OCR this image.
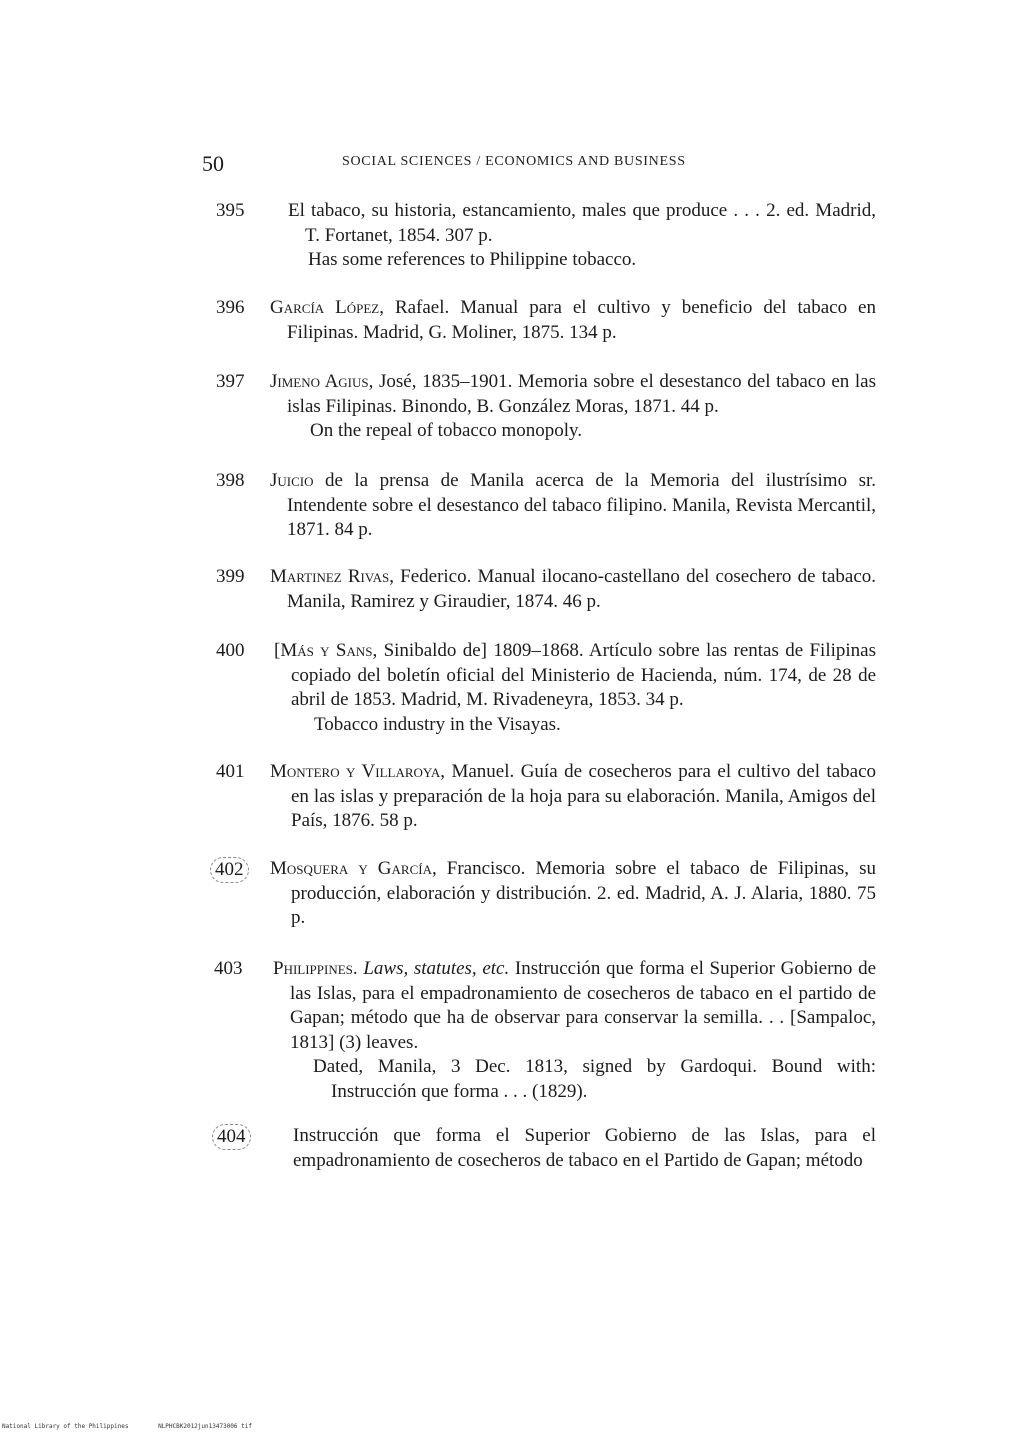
50	SOCIAL SCIENCES / ECONOMICS AND BUSINESS
395 El tabaco, su historia, estancamiento, males que produce . . . 2. ed. Madrid, T. Fortanet, 1854. 307 p.

Has some references to Philippine tobacco.

396 García López, Rafael. Manual para el cultivo y beneficio del tabaco en Filipinas. Madrid, G. Moliner, 1875. 134 p.

397 Jimeno Agius, José, 1835–1901. Memoria sobre el desestanco del tabaco en las islas Filipinas. Binondo, B. González Moras, 1871. 44 p.

On the repeal of tobacco monopoly.

398 Juicio de la prensa de Manila acerca de la Memoria del ilustrísimo sr. Intendente sobre el desestanco del tabaco filipino. Manila, Revista Mercantil, 1871. 84 p.

399 Martinez Rivas, Federico. Manual ilocano-castellano del cosechero de tabaco. Manila, Ramirez y Giraudier, 1874. 46 p.

400 [Más y Sans, Sinibaldo de] 1809–1868. Artículo sobre las rentas de Filipinas copiado del boletín oficial del Ministerio de Hacienda, núm. 174, de 28 de abril de 1853. Madrid, M. Rivadeneyra, 1853. 34 p.

Tobacco industry in the Visayas.

401 Montero y Villaroya, Manuel. Guía de cosecheros para el cultivo del tabaco en las islas y preparación de la hoja para su elaboración. Manila, Amigos del País, 1876. 58 p.

402 Mosquera y García, Francisco. Memoria sobre el tabaco de Filipinas, su producción, elaboración y distribución. 2. ed. Madrid, A. J. Alaria, 1880. 75 p.

403 Philippines. Laws, statutes, etc. Instrucción que forma el Superior Gobierno de las Islas, para el empadronamiento de cosecheros de tabaco en el partido de Gapan; método que ha de observar para conservar la semilla. . . [Sampaloc, 1813] (3) leaves.

Dated, Manila, 3 Dec. 1813, signed by Gardoqui. Bound with: Instrucción que forma . . . (1829).

404	Instrucción que forma el Superior Gobierno de las Islas, para el empadronamiento de cosecheros de tabaco en el Partido de Gapan; método

National Library of the Philippines	NLPHCBK2012jun13473006 tif
